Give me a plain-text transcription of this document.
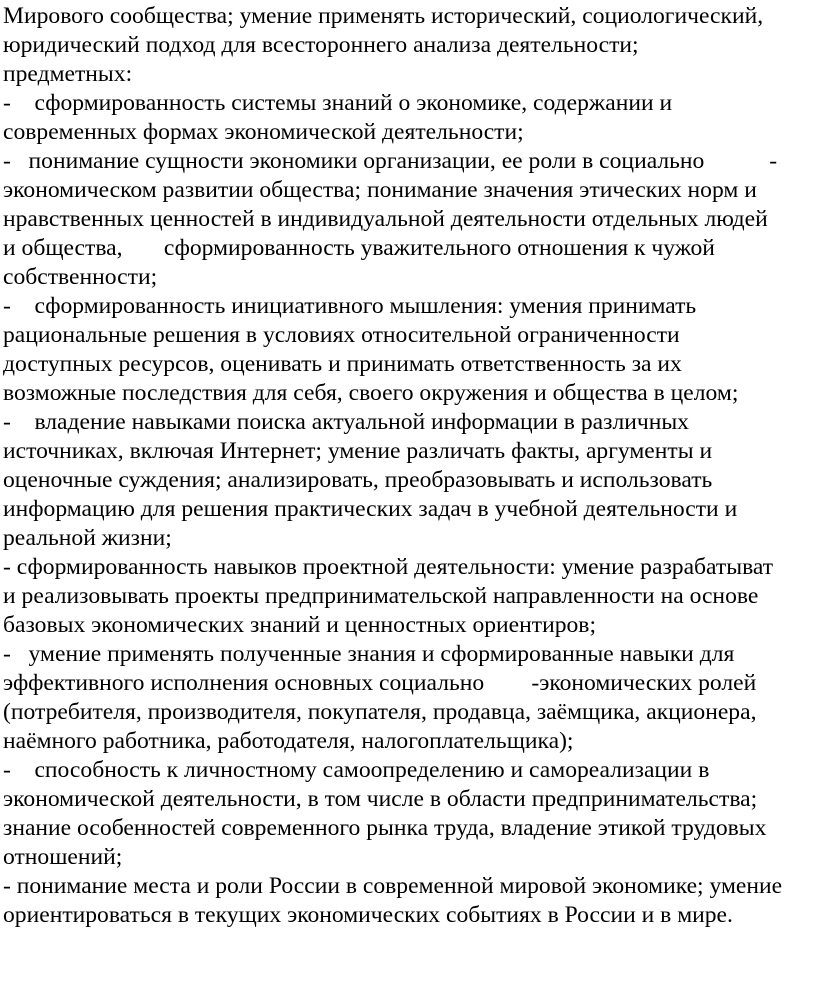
Мирового сообщества; умение применять исторический, социологический,
юридический подход для всестороннего анализа деятельности;
предметных:
-    сформированность системы знаний о экономике, содержании и
современных формах экономической деятельности;
-   понимание сущности экономики организации, ее роли в социально           -
экономическом развитии общества; понимание значения этических норм и
нравственных ценностей в индивидуальной деятельности отдельных людей
и общества,       сформированность уважительного отношения к чужой
собственности;
-    сформированность инициативного мышления: умения принимать
рациональные решения в условиях относительной ограниченности
доступных ресурсов, оценивать и принимать ответственность за их
возможные последствия для себя, своего окружения и общества в целом;
-    владение навыками поиска актуальной информации в различных
источниках, включая Интернет; умение различать факты, аргументы и
оценочные суждения; анализировать, преобразовывать и использовать
информацию для решения практических задач в учебной деятельности и
реальной жизни;
- сформированность навыков проектной деятельности: умение разрабатыват
и реализовывать проекты предпринимательской направленности на основе
базовых экономических знаний и ценностных ориентиров;
-   умение применять полученные знания и сформированные навыки для
эффективного исполнения основных социально        -экономических ролей
(потребителя, производителя, покупателя, продавца, заёмщика, акционера,
наёмного работника, работодателя, налогоплательщика);
-    способность к личностному самоопределению и самореализации в
экономической деятельности, в том числе в области предпринимательства;
знание особенностей современного рынка труда, владение этикой трудовых
отношений;
- понимание места и роли России в современной мировой экономике; умение
ориентироваться в текущих экономических событиях в России и в мире.
